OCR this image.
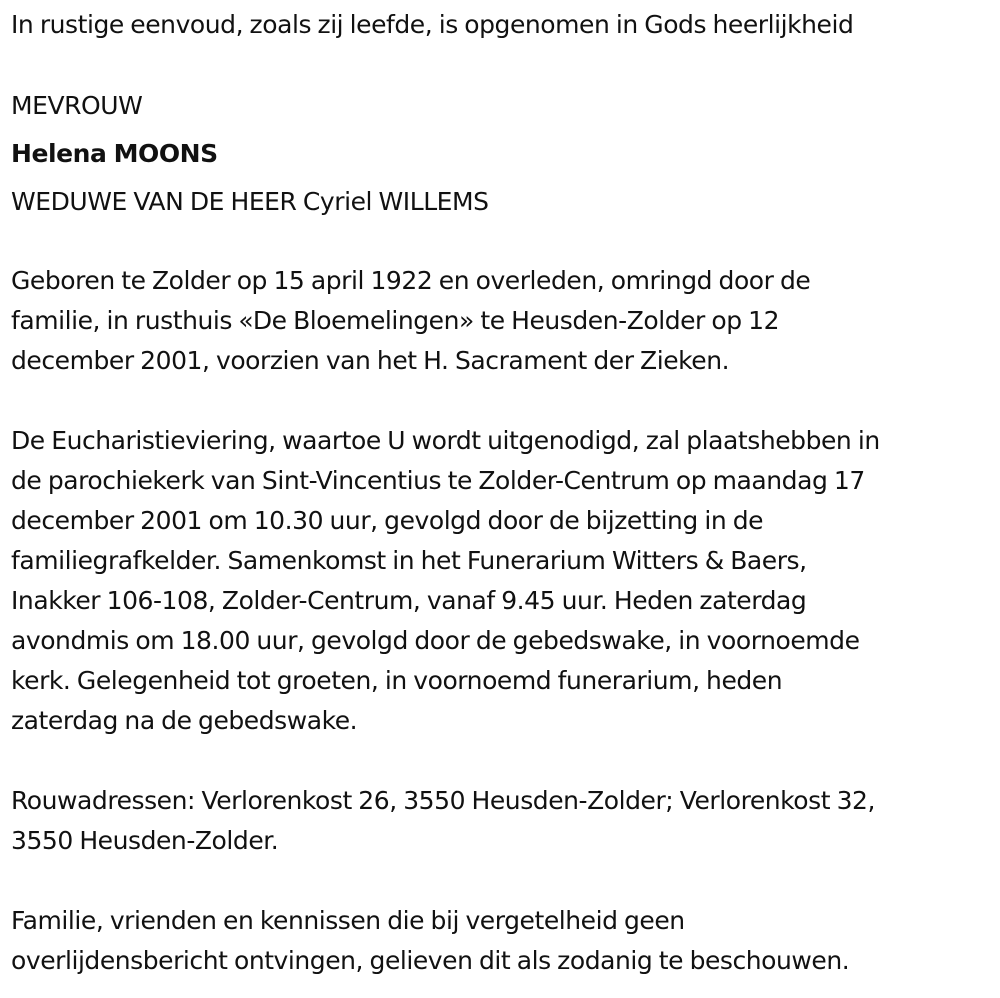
In rustige eenvoud, zoals zij leefde, is opgenomen in Gods heerlijkheid

MEVROUW

Helena MOONS

WEDUWE VAN DE HEER Cyriel WILLEMS

Geboren te Zolder op 15 april 1922 en overleden, omringd door de
familie, in rusthuis «De Bloemelingen» te Heusden-Zolder op 12
december 2001, voorzien van het H. Sacrament der Zieken.
De Eucharistieviering, waartoe U wordt uitgenodigd, zal plaatshebben in
de parochiekerk van Sint-Vincentius te Zolder-Centrum op maandag 17
december 2001 om 10.30 uur, gevolgd door de bijzetting in de
familiegrafkelder. Samenkomst in het Funerarium Witters & Baers,
Inakker 106-108, Zolder-Centrum, vanaf 9.45 uur. Heden zaterdag
avondmis om 18.00 uur, gevolgd door de gebedswake, in voornoemde
kerk. Gelegenheid tot groeten, in voornoemd funerarium, heden
zaterdag na de gebedswake.
Rouwadressen: Verlorenkost 26, 3550 Heusden-Zolder; Verlorenkost 32,
3550 Heusden-Zolder.
Familie, vrienden en kennissen die bij vergetelheid geen
overlijdensbericht ontvingen, gelieven dit als zodanig te beschouwen.
